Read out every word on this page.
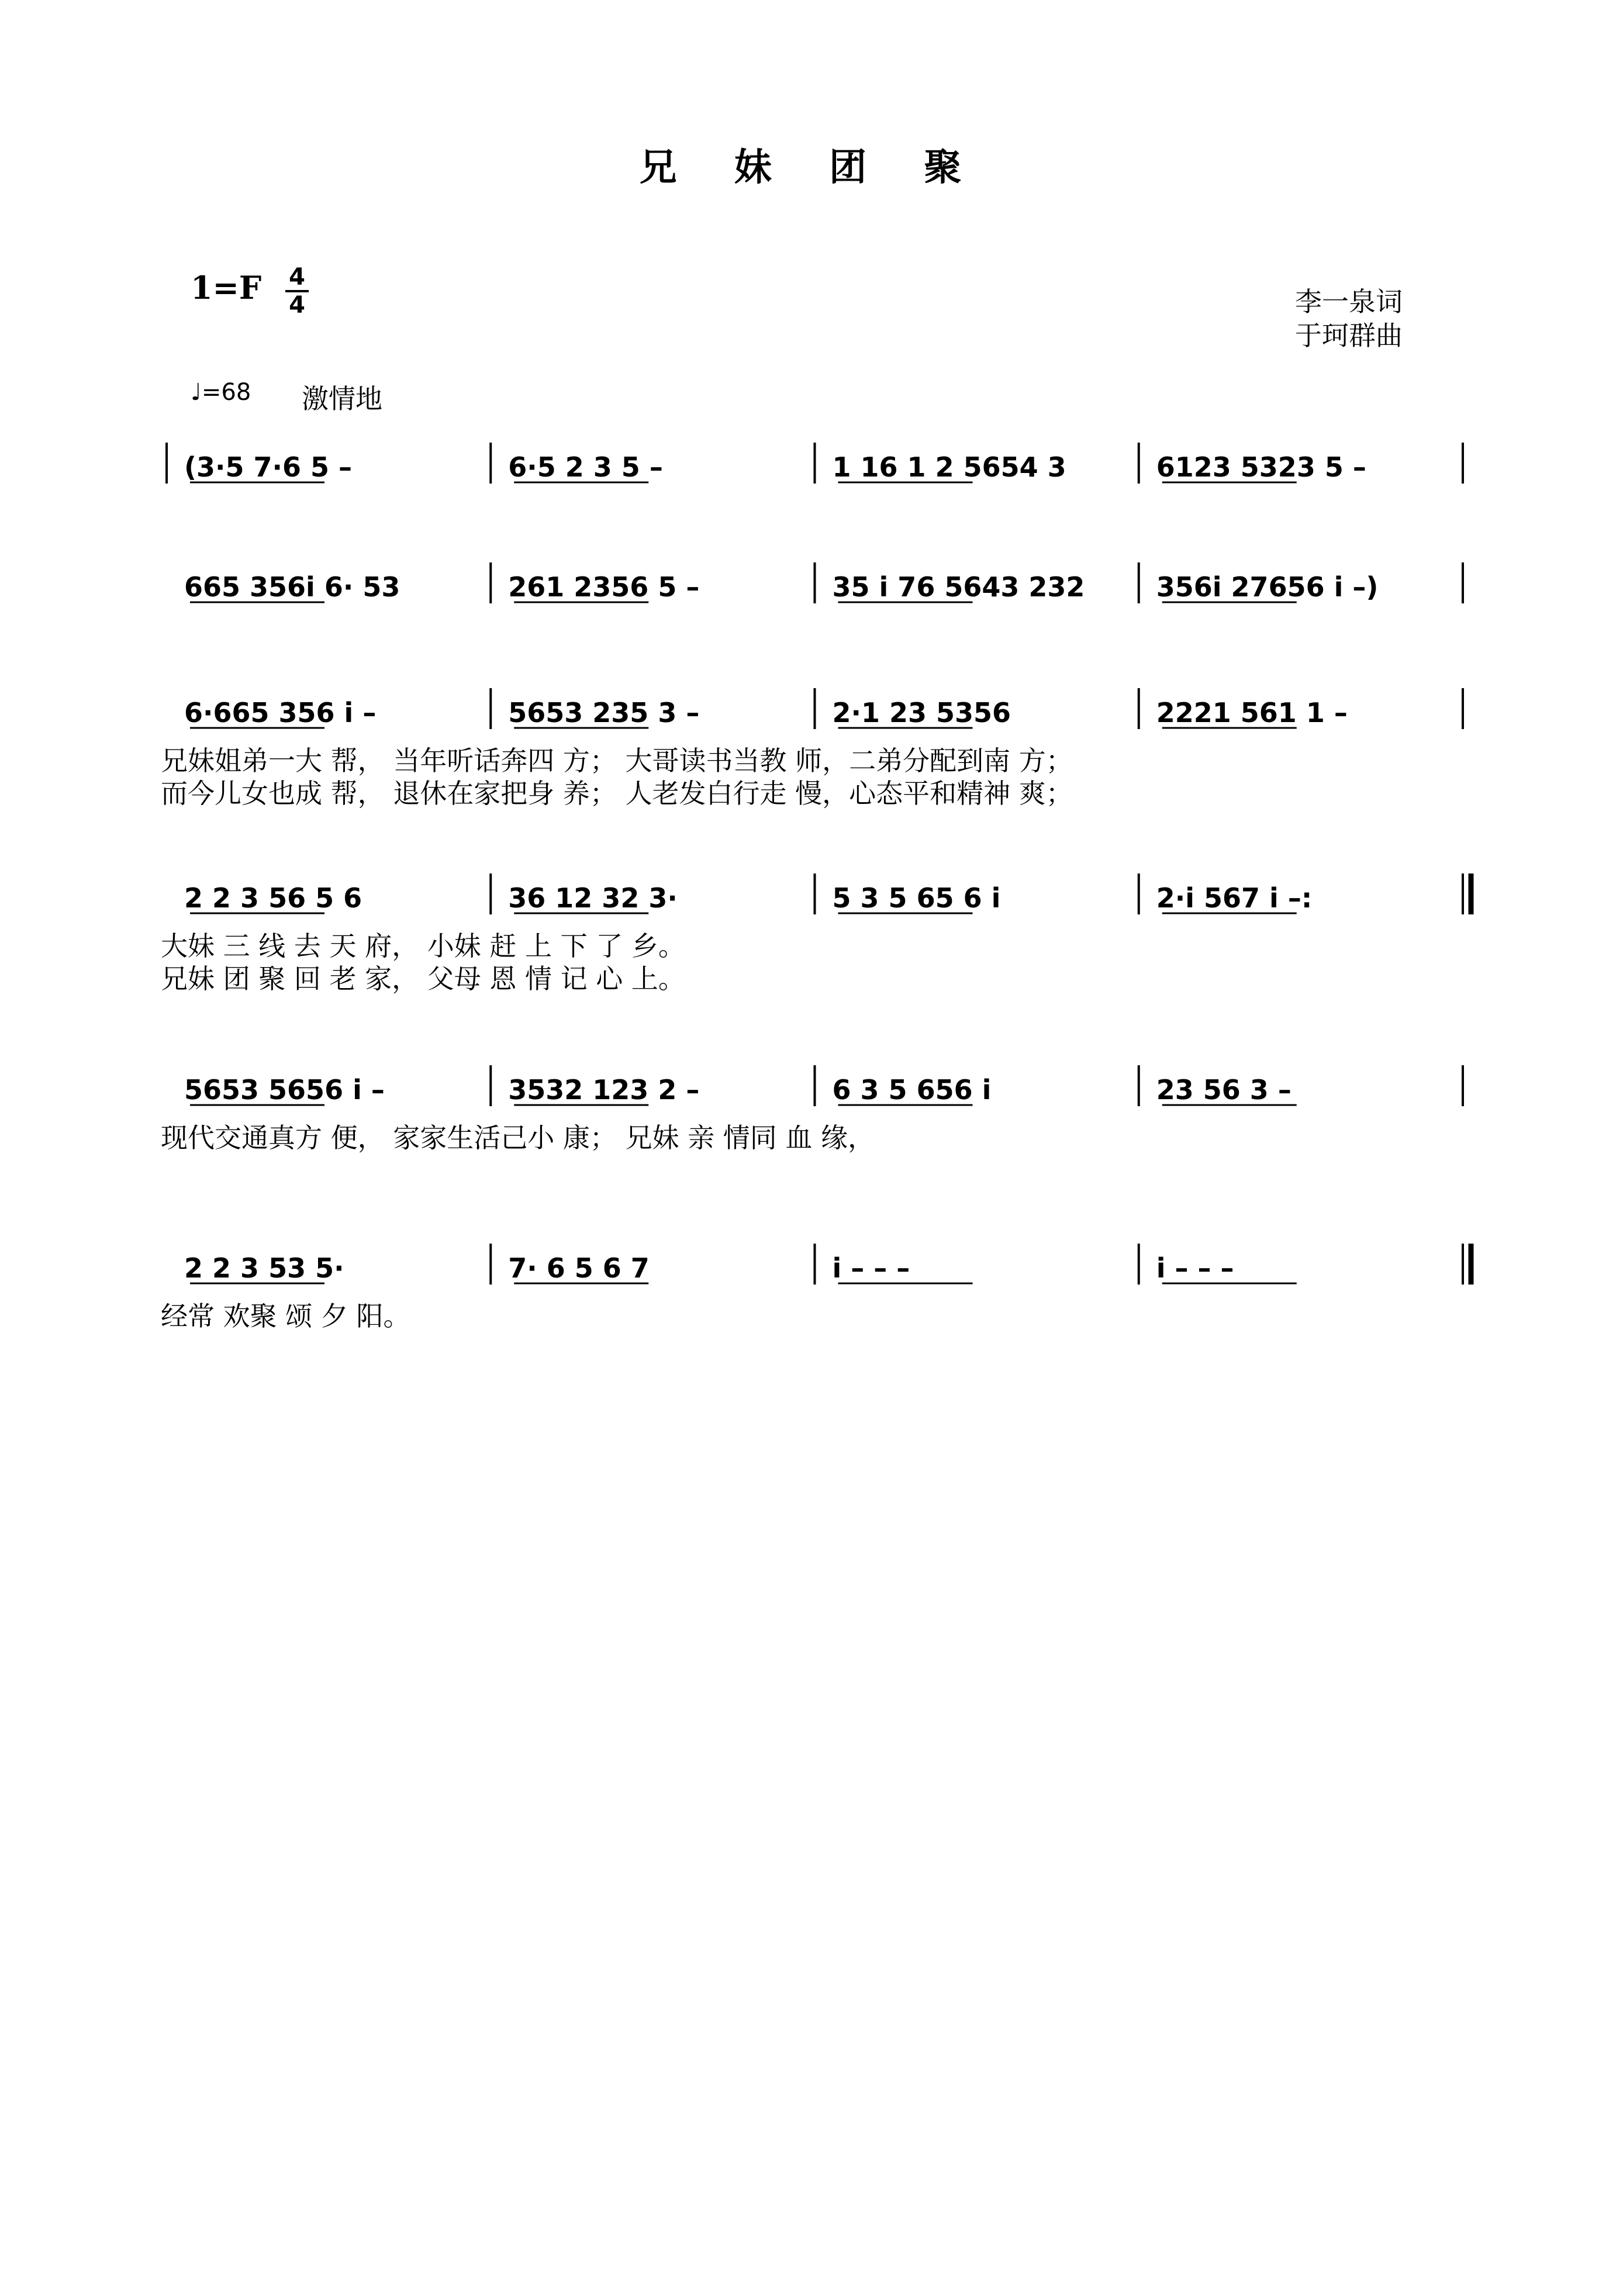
兄 妹 团 聚
1=F 4
4	李一泉词
于珂群曲
♩=68 激情地
(3·5 7·6 5 –	6·5 2 3 5 –	1 16 1 2 5654 3	6123 5323 5 –
665 356i 6· 53	261 2356 5 –	35 i 76 5643 232	356i 27656 i –)
6·665 356 i –	5653 235 3 –	2·1 23 5356	2221 561 1 –
兄妹姐弟一大 帮， 当年听话奔四 方； 大哥读书当教 师，二弟分配到南 方；
而今儿女也成 帮， 退休在家把身 养； 人老发白行走 慢，心态平和精神 爽；
2 2 3 56 5 6	36 12 32 3·	5 3 5 65 6 i	2·i 567 i –:
大妹 三 线 去 天 府， 小妹 赶 上 下 了 乡。
兄妹 团 聚 回 老 家， 父母 恩 情 记 心 上。
5653 5656 i –	3532 123 2 –	6 3 5 656 i	23 56 3 –
现代交通真方 便， 家家生活己小 康； 兄妹 亲 情同 血 缘，
2 2 3 53 5·	7· 6 5 6 7	i – – –	i – – –
经常 欢聚 颂 夕 阳。
